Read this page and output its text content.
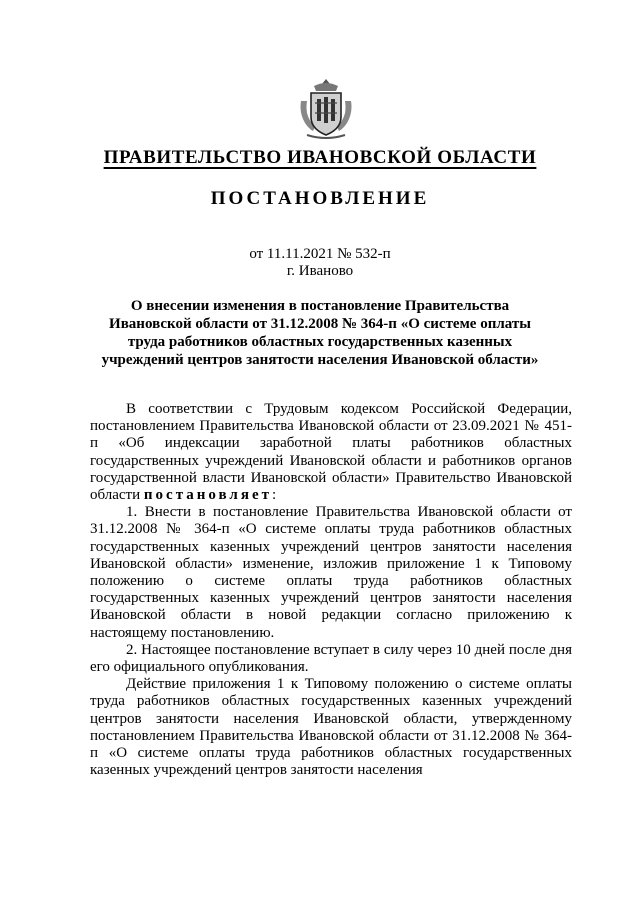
ПРАВИТЕЛЬСТВО ИВАНОВСКОЙ ОБЛАСТИ
ПОСТАНОВЛЕНИЕ
от 11.11.2021 № 532-п
г. Иваново
О внесении изменения в постановление Правительства Ивановской области от 31.12.2008 № 364-п «О системе оплаты труда работников областных государственных казенных учреждений центров занятости населения Ивановской области»

В соответствии с Трудовым кодексом Российской Федерации, постановлением Правительства Ивановской области от 23.09.2021 № 451-п «Об индексации заработной платы работников областных государственных учреждений Ивановской области и работников органов государственной власти Ивановской области» Правительство Ивановской области постановляет:

1. Внести в постановление Правительства Ивановской области от 31.12.2008 № 364-п «О системе оплаты труда работников областных государственных казенных учреждений центров занятости населения Ивановской области» изменение, изложив приложение 1 к Типовому положению о системе оплаты труда работников областных государственных казенных учреждений центров занятости населения Ивановской области в новой редакции согласно приложению к настоящему постановлению.

2. Настоящее постановление вступает в силу через 10 дней после дня его официального опубликования.

Действие приложения 1 к Типовому положению о системе оплаты труда работников областных государственных казенных учреждений центров занятости населения Ивановской области, утвержденному постановлением Правительства Ивановской области от 31.12.2008 № 364-п «О системе оплаты труда работников областных государственных казенных учреждений центров занятости населения
